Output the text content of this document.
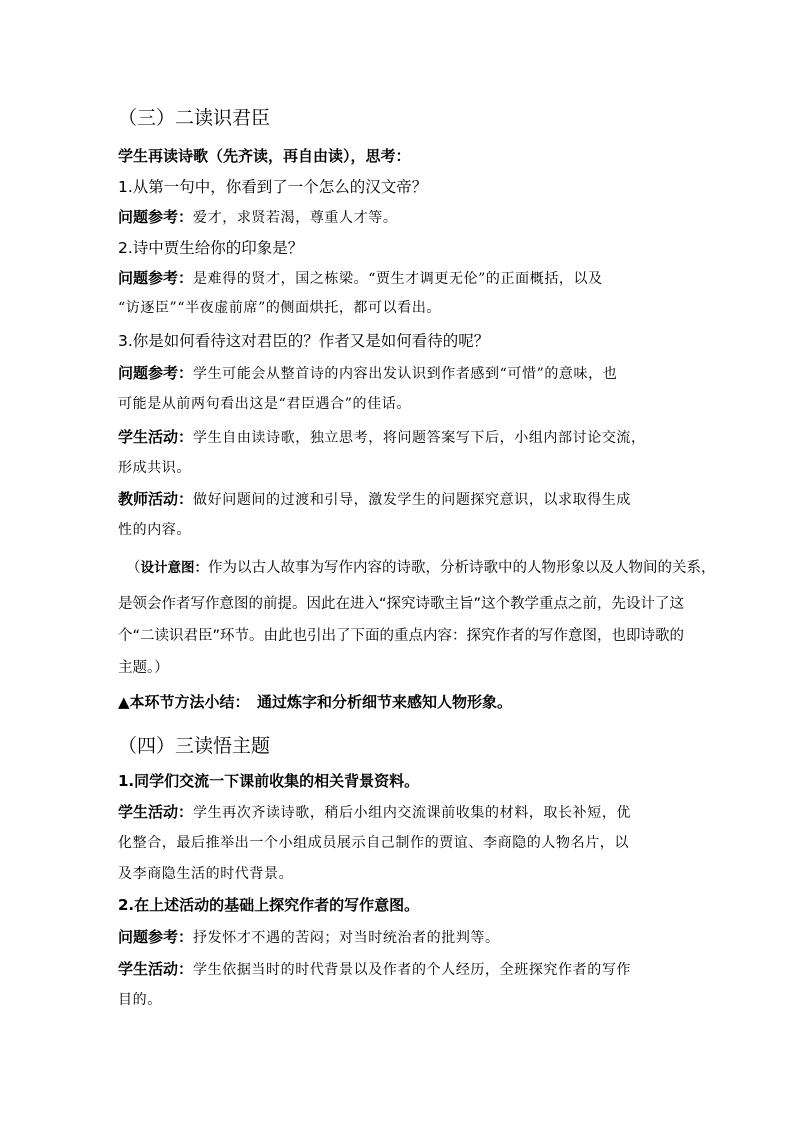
（三）二读识君臣
学生再读诗歌（先齐读，再自由读），思考：
1.从第一句中，你看到了一个怎么的汉文帝？
问题参考：爱才，求贤若渴，尊重人才等。
2.诗中贾生给你的印象是？
问题参考：是难得的贤才，国之栋梁。“贾生才调更无伦”的正面概括，以及
“访逐臣”“半夜虚前席”的侧面烘托，都可以看出。
3.你是如何看待这对君臣的？作者又是如何看待的呢？
问题参考：学生可能会从整首诗的内容出发认识到作者感到“可惜”的意味，也
可能是从前两句看出这是“君臣遇合”的佳话。
学生活动：学生自由读诗歌，独立思考，将问题答案写下后，小组内部讨论交流，
形成共识。
教师活动：做好问题间的过渡和引导，激发学生的问题探究意识，以求取得生成
性的内容。
（设计意图：作为以古人故事为写作内容的诗歌，分析诗歌中的人物形象以及人物间的关系，
是领会作者写作意图的前提。因此在进入“探究诗歌主旨”这个教学重点之前，先设计了这
个“二读识君臣”环节。由此也引出了下面的重点内容：探究作者的写作意图，也即诗歌的
主题。）
▲本环节方法小结：　通过炼字和分析细节来感知人物形象。
（四）三读悟主题
1.同学们交流一下课前收集的相关背景资料。
学生活动：学生再次齐读诗歌，稍后小组内交流课前收集的材料，取长补短，优
化整合，最后推举出一个小组成员展示自己制作的贾谊、李商隐的人物名片，以
及李商隐生活的时代背景。
2.在上述活动的基础上探究作者的写作意图。
问题参考：抒发怀才不遇的苦闷；对当时统治者的批判等。
学生活动：学生依据当时的时代背景以及作者的个人经历，全班探究作者的写作
目的。
